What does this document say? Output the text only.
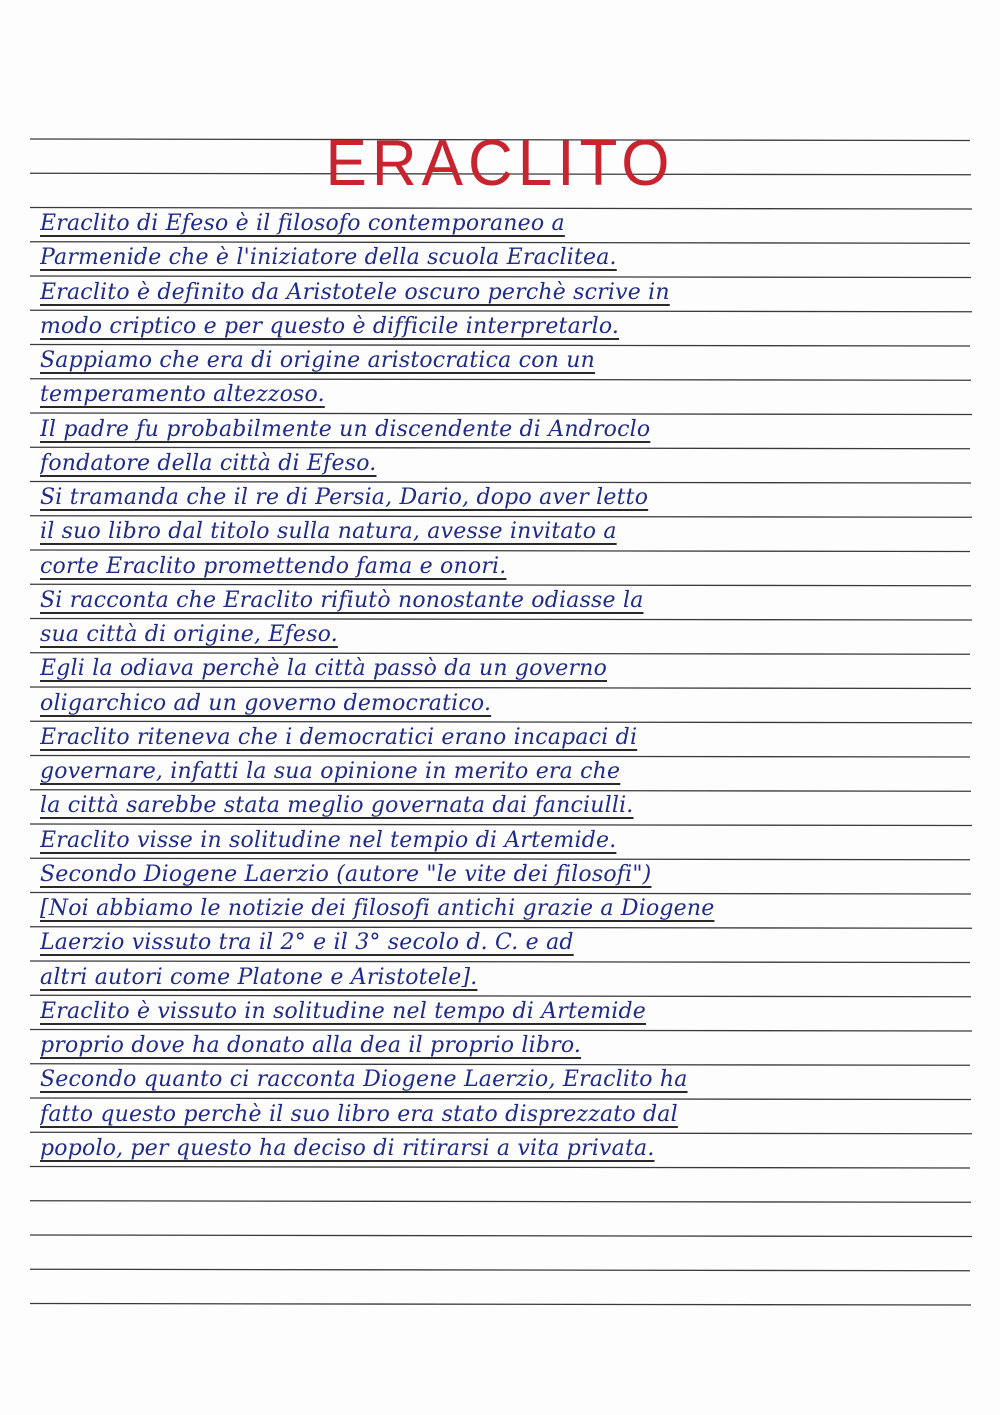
ERACLITO
Eraclito di Efeso è il filosofo contemporaneo a
Parmenide che è l'iniziatore della scuola Eraclitea.
Eraclito è definito da Aristotele oscuro perchè scrive in
modo criptico e per questo è difficile interpretarlo.
Sappiamo che era di origine aristocratica con un
temperamento altezzoso.
Il padre fu probabilmente un discendente di Androclo
fondatore della città di Efeso.
Si tramanda che il re di Persia, Dario, dopo aver letto
il suo libro dal titolo sulla natura, avesse invitato a
corte Eraclito promettendo fama e onori.
Si racconta che Eraclito rifiutò nonostante odiasse la
sua città di origine, Efeso.
Egli la odiava perchè la città passò da un governo
oligarchico ad un governo democratico.
Eraclito riteneva che i democratici erano incapaci di
governare, infatti la sua opinione in merito era che
la città sarebbe stata meglio governata dai fanciulli.
Eraclito visse in solitudine nel tempio di Artemide.
Secondo Diogene Laerzio (autore "le vite dei filosofi")
[Noi abbiamo le notizie dei filosofi antichi grazie a Diogene
Laerzio vissuto tra il 2° e il 3° secolo d. C. e ad
altri autori come Platone e Aristotele].
Eraclito è vissuto in solitudine nel tempo di Artemide
proprio dove ha donato alla dea il proprio libro.
Secondo quanto ci racconta Diogene Laerzio, Eraclito ha
fatto questo perchè il suo libro era stato disprezzato dal
popolo, per questo ha deciso di ritirarsi a vita privata.
